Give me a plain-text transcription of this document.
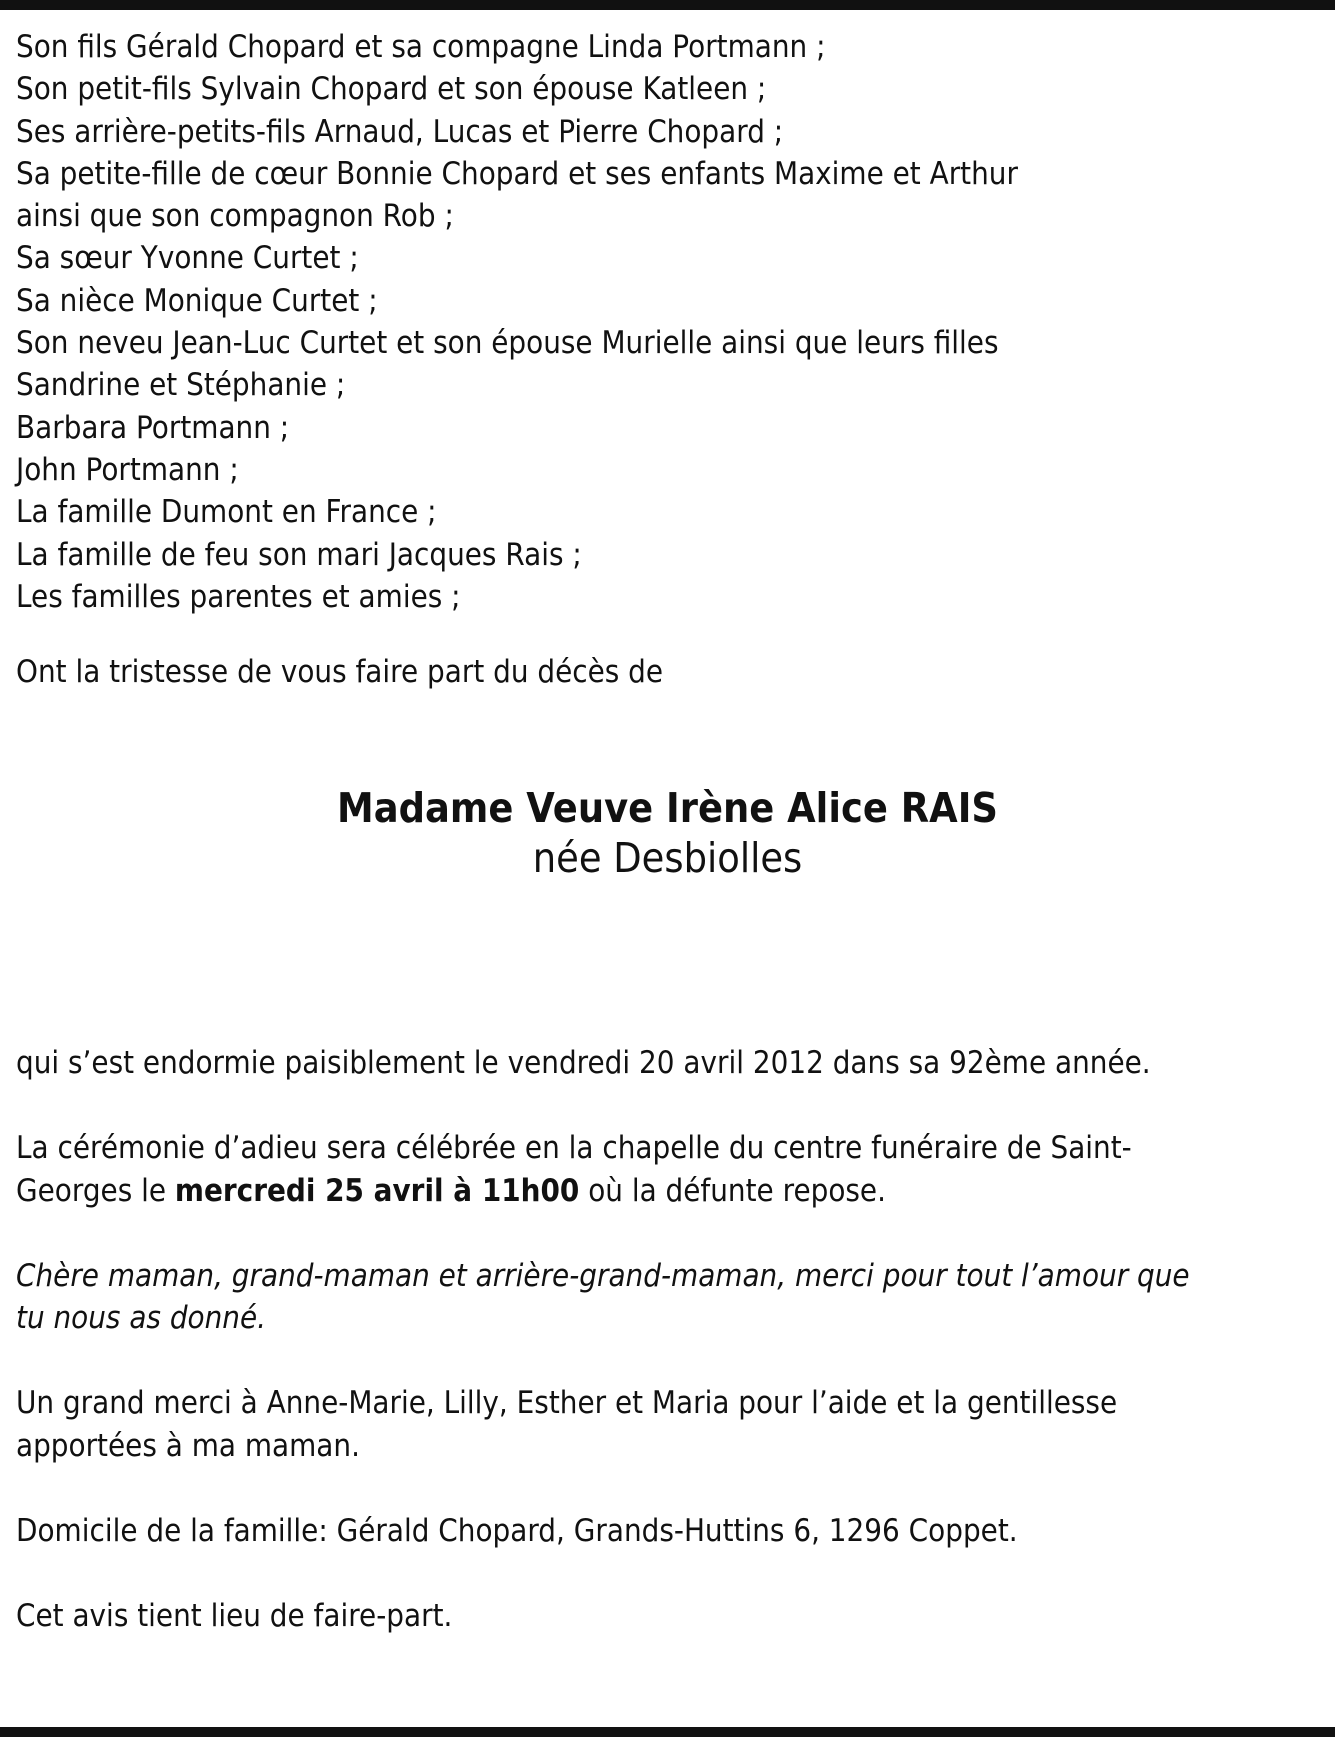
Son fils Gérald Chopard et sa compagne Linda Portmann ;
Son petit-fils Sylvain Chopard et son épouse Katleen ;
Ses arrière-petits-fils Arnaud, Lucas et Pierre Chopard ;
Sa petite-fille de cœur Bonnie Chopard et ses enfants Maxime et Arthur
ainsi que son compagnon Rob ;
Sa sœur Yvonne Curtet ;
Sa nièce Monique Curtet ;
Son neveu Jean-Luc Curtet et son épouse Murielle ainsi que leurs filles
Sandrine et Stéphanie ;
Barbara Portmann ;
John Portmann ;
La famille Dumont en France ;
La famille de feu son mari Jacques Rais ;
Les familles parentes et amies ;
Ont la tristesse de vous faire part du décès de
Madame Veuve Irène Alice RAIS
née Desbiolles

qui s’est endormie paisiblement le vendredi 20 avril 2012 dans sa 92ème année.

La cérémonie d’adieu sera célébrée en la chapelle du centre funéraire de Saint-
Georges le mercredi 25 avril à 11h00 où la défunte repose.

Chère maman, grand-maman et arrière-grand-maman, merci pour tout l’amour que
tu nous as donné.

Un grand merci à Anne-Marie, Lilly, Esther et Maria pour l’aide et la gentillesse
apportées à ma maman.

Domicile de la famille: Gérald Chopard, Grands-Huttins 6, 1296 Coppet.

Cet avis tient lieu de faire-part.
